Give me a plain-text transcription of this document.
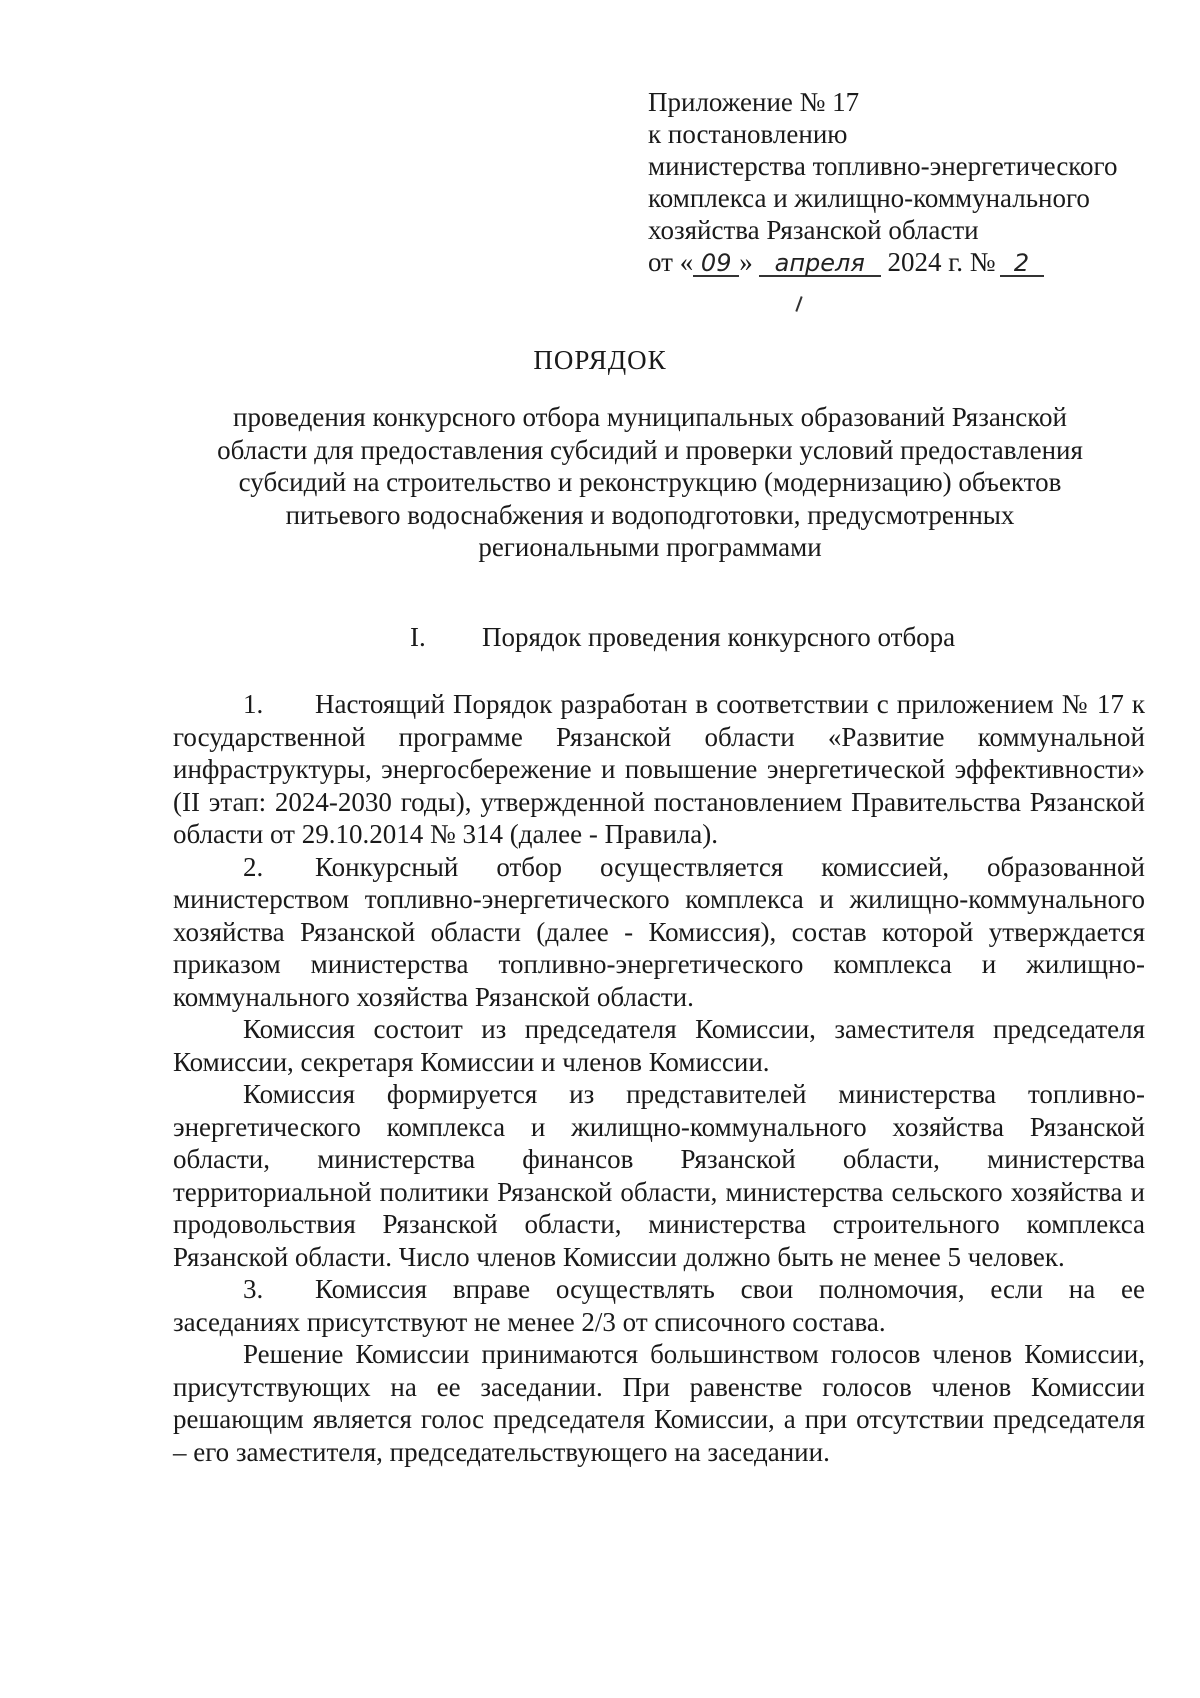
Приложение № 17
к постановлению
министерства топливно-энергетического
комплекса и жилищно-коммунального
хозяйства Рязанской области
от « 09 » апреля 2024 г. № 2
ПОРЯДОК
проведения конкурсного отбора муниципальных образований Рязанской области для предоставления субсидий и проверки условий предоставления субсидий на строительство и реконструкцию (модернизацию) объектов питьевого водоснабжения и водоподготовки, предусмотренных региональными программами
I. Порядок проведения конкурсного отбора

1. Настоящий Порядок разработан в соответствии с приложением № 17 к государственной программе Рязанской области «Развитие коммунальной инфраструктуры, энергосбережение и повышение энергетической эффективности» (II этап: 2024-2030 годы), утвержденной постановлением Правительства Рязанской области от 29.10.2014 № 314 (далее - Правила).

2. Конкурсный отбор осуществляется комиссией, образованной министерством топливно-энергетического комплекса и жилищно-коммунального хозяйства Рязанской области (далее - Комиссия), состав которой утверждается приказом министерства топливно-энергетического комплекса и жилищно-коммунального хозяйства Рязанской области.

Комиссия состоит из председателя Комиссии, заместителя председателя Комиссии, секретаря Комиссии и членов Комиссии.

Комиссия формируется из представителей министерства топливно-энергетического комплекса и жилищно-коммунального хозяйства Рязанской области, министерства финансов Рязанской области, министерства территориальной политики Рязанской области, министерства сельского хозяйства и продовольствия Рязанской области, министерства строительного комплекса Рязанской области. Число членов Комиссии должно быть не менее 5 человек.

3. Комиссия вправе осуществлять свои полномочия, если на ее заседаниях присутствуют не менее 2/3 от списочного состава.

Решение Комиссии принимаются большинством голосов членов Комиссии, присутствующих на ее заседании. При равенстве голосов членов Комиссии решающим является голос председателя Комиссии, а при отсутствии председателя – его заместителя, председательствующего на заседании.
